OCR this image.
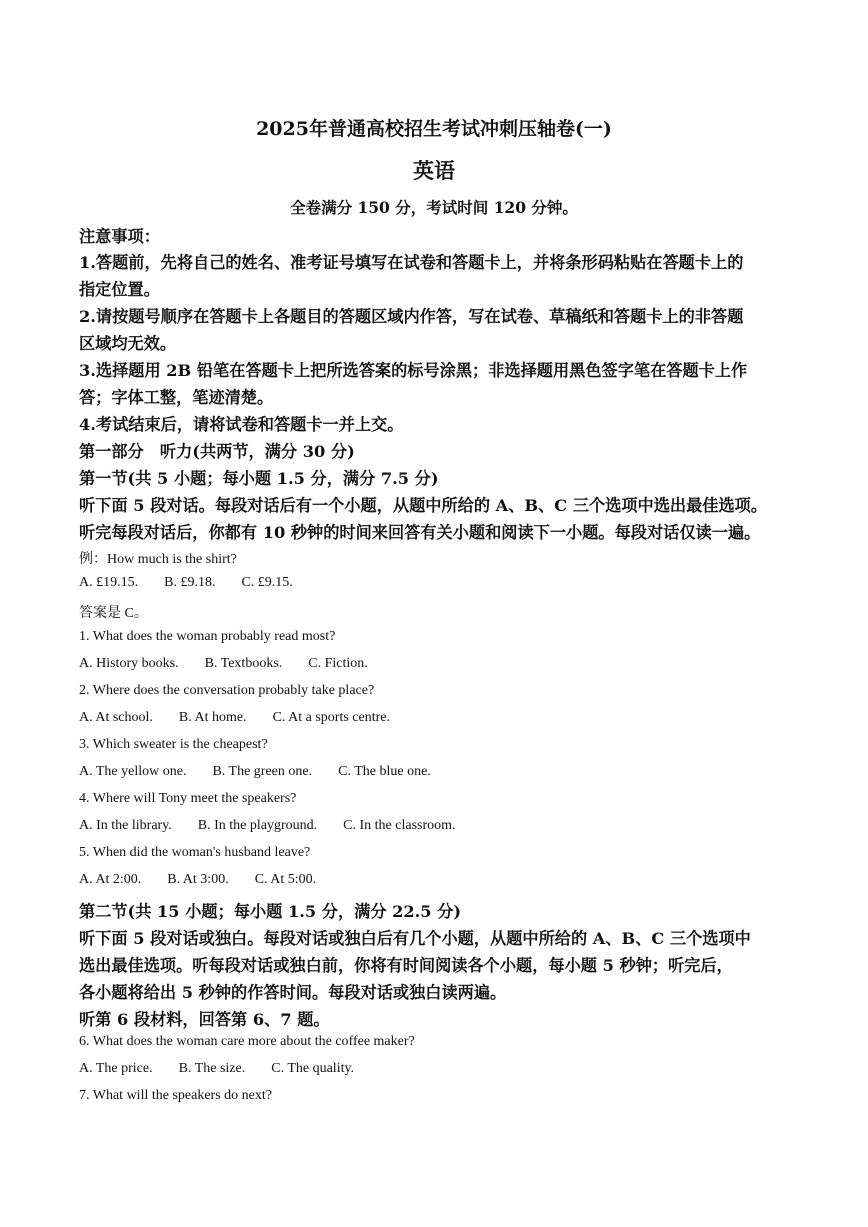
2025年普通高校招生考试冲刺压轴卷(一)
英语
全卷满分 150 分，考试时间 120 分钟。
注意事项：
1.答题前，先将自己的姓名、准考证号填写在试卷和答题卡上，并将条形码粘贴在答题卡上的
指定位置。
2.请按题号顺序在答题卡上各题目的答题区域内作答，写在试卷、草稿纸和答题卡上的非答题
区域均无效。
3.选择题用 2B 铅笔在答题卡上把所选答案的标号涂黑；非选择题用黑色签字笔在答题卡上作
答；字体工整，笔迹清楚。
4.考试结束后，请将试卷和答题卡一并上交。
第一部分　听力(共两节，满分 30 分)
第一节(共 5 小题；每小题 1.5 分，满分 7.5 分)
听下面 5 段对话。每段对话后有一个小题，从题中所给的 A、B、C 三个选项中选出最佳选项。
听完每段对话后，你都有 10 秒钟的时间来回答有关小题和阅读下一小题。每段对话仅读一遍。
例：How much is the shirt?
A. £19.15. B. £9.18. C. £9.15.
答案是 C。
1. What does the woman probably read most?
A. History books. B. Textbooks. C. Fiction.
2. Where does the conversation probably take place?
A. At school. B. At home. C. At a sports centre.
3. Which sweater is the cheapest?
A. The yellow one. B. The green one. C. The blue one.
4. Where will Tony meet the speakers?
A. In the library. B. In the playground. C. In the classroom.
5. When did the woman's husband leave?
A. At 2:00. B. At 3:00. C. At 5:00.
第二节(共 15 小题；每小题 1.5 分，满分 22.5 分)
听下面 5 段对话或独白。每段对话或独白后有几个小题，从题中所给的 A、B、C 三个选项中
选出最佳选项。听每段对话或独白前，你将有时间阅读各个小题，每小题 5 秒钟；听完后，
各小题将给出 5 秒钟的作答时间。每段对话或独白读两遍。
听第 6 段材料，回答第 6、7 题。
6. What does the woman care more about the coffee maker?
A. The price. B. The size. C. The quality.
7. What will the speakers do next?
